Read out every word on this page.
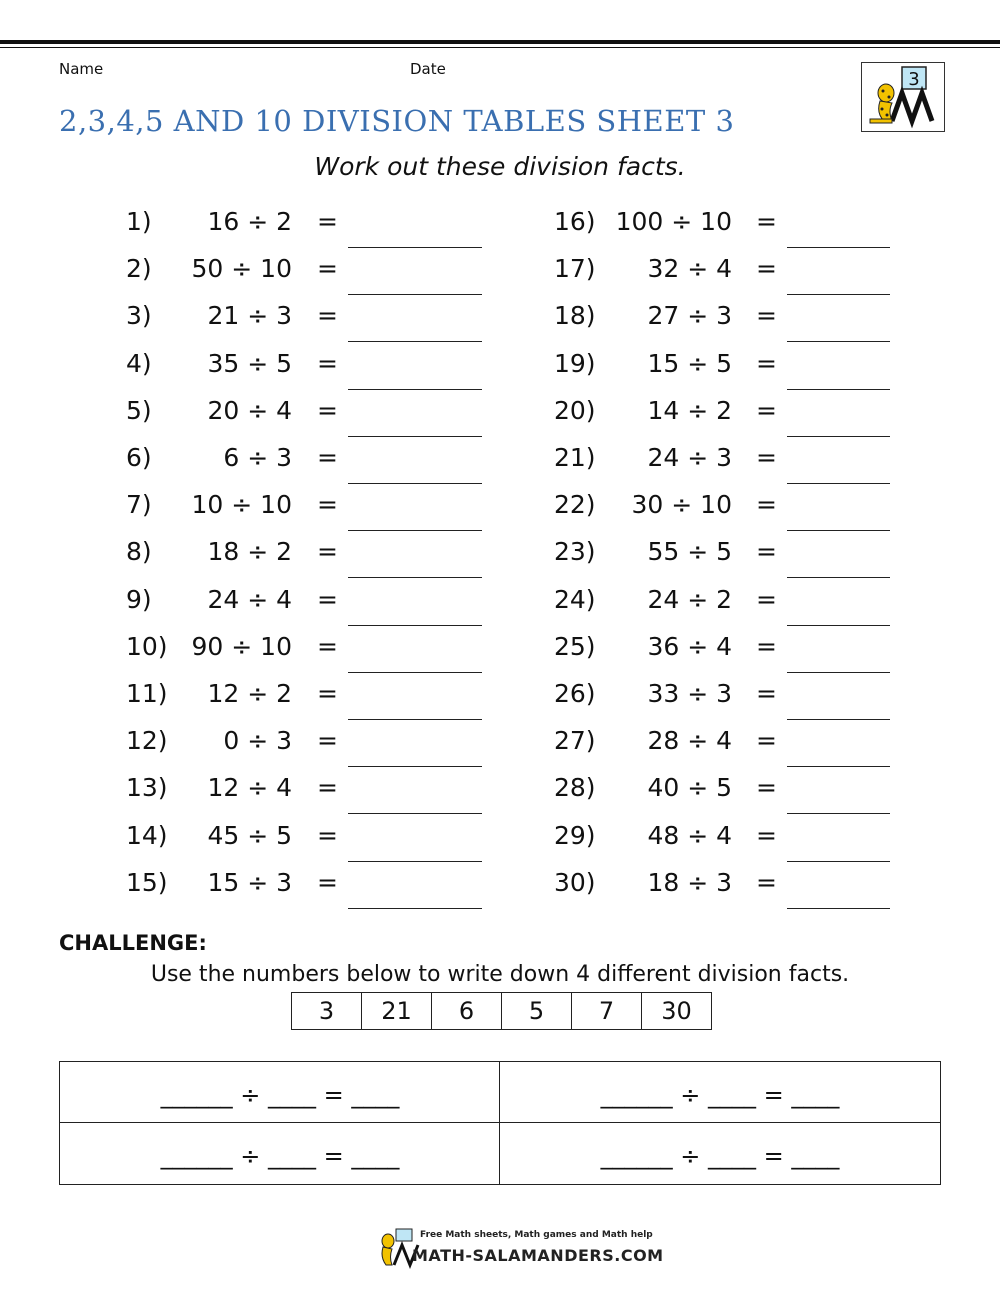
Name	Date	3
2,3,4,5 AND 10 DIVISION TABLES SHEET 3
Work out these division facts.
1) 16 ÷ 2 =
2) 50 ÷ 10 =
3) 21 ÷ 3 =
4) 35 ÷ 5 =
5) 20 ÷ 4 =
6)	6 ÷ 3 =
7) 10 ÷ 10 =
8) 18 ÷ 2 =
9) 24 ÷ 4 =
10) 90 ÷ 10 =
11) 12 ÷ 2 =
12) 0 ÷ 3 =
13) 12 ÷ 4 =
14) 45 ÷ 5 =
15) 15 ÷ 3 =
16) 100 ÷ 10 =
17) 32 ÷ 4 =
18) 27 ÷ 3 =
19) 15 ÷ 5 =
20) 14 ÷ 2 =
21) 24 ÷ 3 =
22) 30 ÷ 10 =
23) 55 ÷ 5 =
24) 24 ÷ 2 =
25) 36 ÷ 4 =
26) 33 ÷ 3 =
27) 28 ÷ 4 =
28) 40 ÷ 5 =
29) 48 ÷ 4 =
30) 18 ÷ 3 =
CHALLENGE:
Use the numbers below to write down 4 different division facts.
3	21	6	5	7	30
______ ÷ ____ = ____	______ ÷ ____ = ____
______ ÷ ____ = ____	______ ÷ ____ = ____
Free Math sheets, Math games and Math help
MATH-SALAMANDERS.COM
